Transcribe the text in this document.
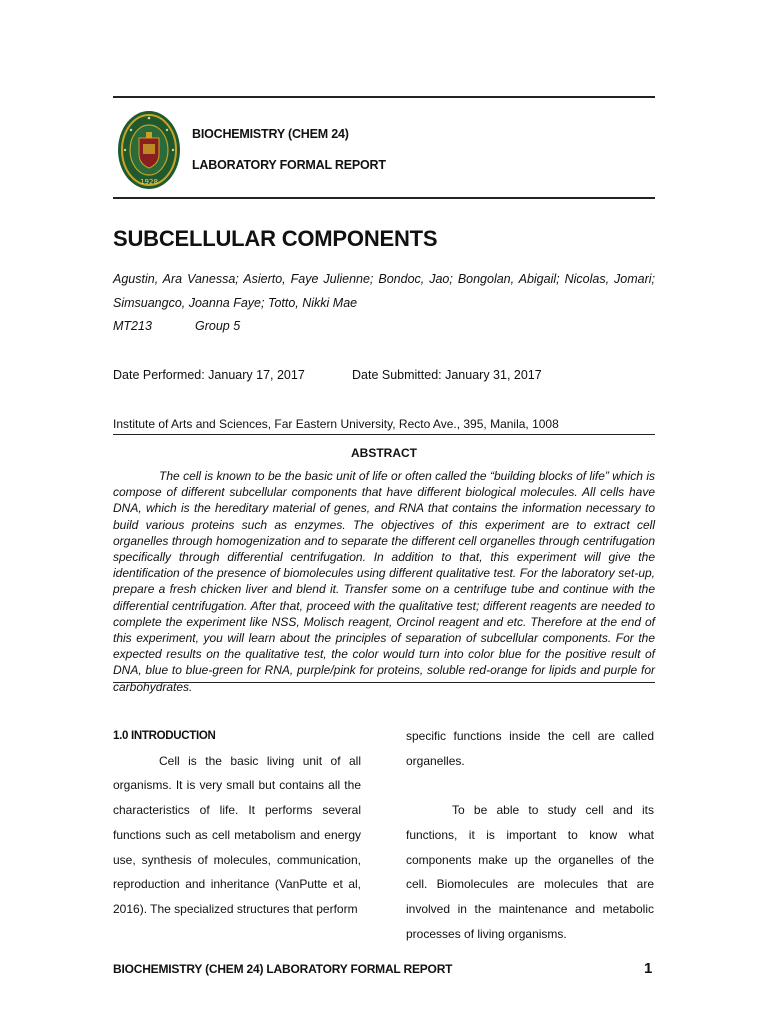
1928
BIOCHEMISTRY (CHEM 24)
LABORATORY FORMAL REPORT
SUBCELLULAR COMPONENTS
Agustin, Ara Vanessa; Asierto, Faye Julienne; Bondoc, Jao; Bongolan, Abigail; Nicolas, Jomari;
Simsuangco, Joanna Faye; Totto, Nikki Mae
MT213	Group 5
Date Performed: January 17, 2017	Date Submitted: January 31, 2017
Institute of Arts and Sciences, Far Eastern University, Recto Ave., 395, Manila, 1008
ABSTRACT
The cell is known to be the basic unit of life or often called the “building blocks of life” which is compose of different subcellular components that have different biological molecules. All cells have DNA, which is the hereditary material of genes, and RNA that contains the information necessary to build various proteins such as enzymes. The objectives of this experiment are to extract cell organelles through homogenization and to separate the different cell organelles through centrifugation specifically through differential centrifugation. In addition to that, this experiment will give the identification of the presence of biomolecules using different qualitative test. For the laboratory set-up, prepare a fresh chicken liver and blend it. Transfer some on a centrifuge tube and continue with the differential centrifugation. After that, proceed with the qualitative test; different reagents are needed to complete the experiment like NSS, Molisch reagent, Orcinol reagent and etc. Therefore at the end of this experiment, you will learn about the principles of separation of subcellular components. For the expected results on the qualitative test, the color would turn into color blue for the positive result of DNA, blue to blue-green for RNA, purple/pink for proteins, soluble red-orange for lipids and purple for carbohydrates.
1.0 INTRODUCTION

Cell is the basic living unit of all organisms. It is very small but contains all the characteristics of life. It performs several functions such as cell metabolism and energy use, synthesis of molecules, communication, reproduction and inheritance (VanPutte et al, 2016). The specialized structures that perform

specific functions inside the cell are called organelles.

To be able to study cell and its functions, it is important to know what components make up the organelles of the cell. Biomolecules are molecules that are involved in the maintenance and metabolic processes of living organisms.

BIOCHEMISTRY (CHEM 24) LABORATORY FORMAL REPORT	1
